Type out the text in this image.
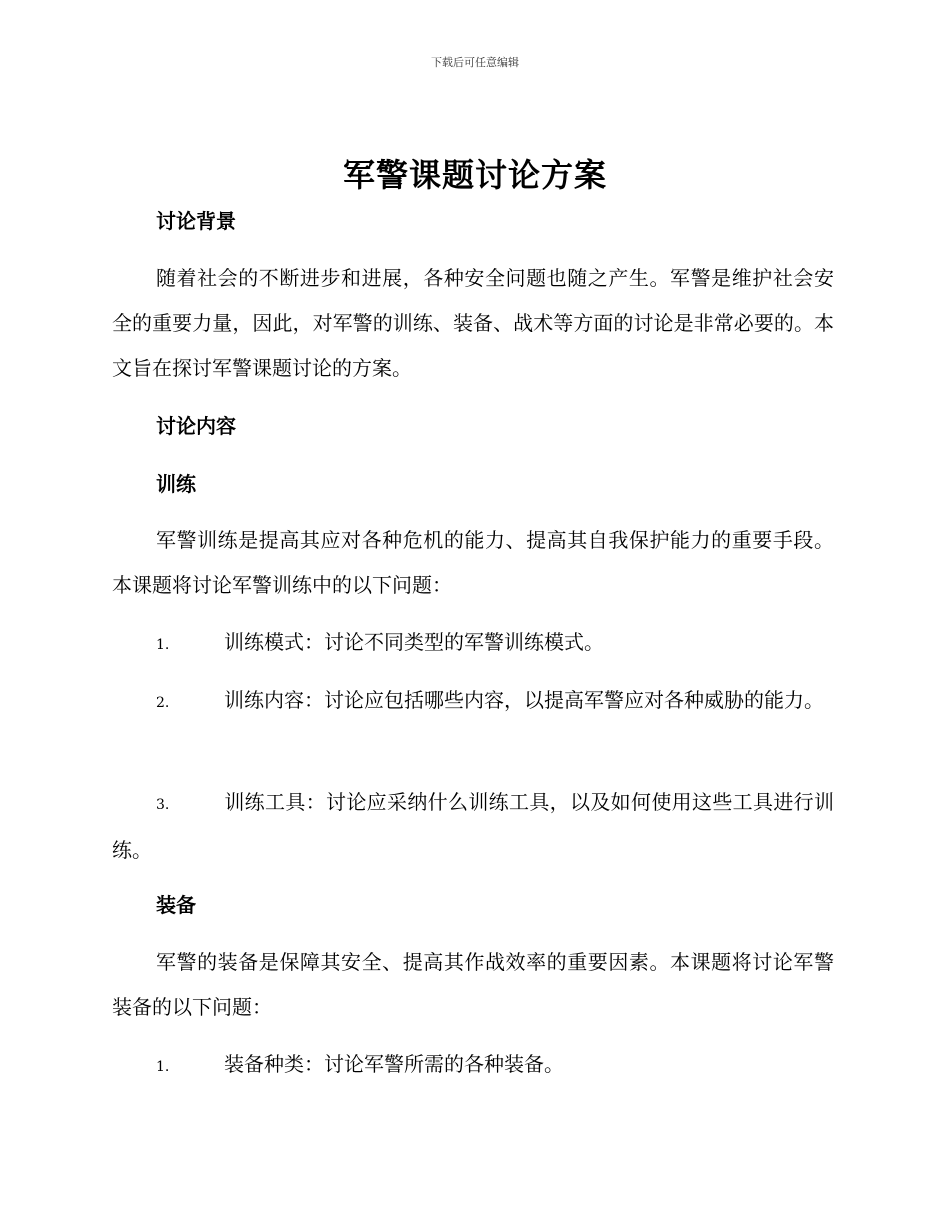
下载后可任意编辑
军警课题讨论方案
讨论背景

随着社会的不断进步和进展，各种安全问题也随之产生。军警是维护社会安全的重要力量，因此，对军警的训练、装备、战术等方面的讨论是非常必要的。本文旨在探讨军警课题讨论的方案。

讨论内容
训练

军警训练是提高其应对各种危机的能力、提高其自我保护能力的重要手段。本课题将讨论军警训练中的以下问题：

1.	训练模式：讨论不同类型的军警训练模式。

2.	训练内容：讨论应包括哪些内容，以提高军警应对各种威胁的能力。

3.	训练工具：讨论应采纳什么训练工具，以及如何使用这些工具进行训练。

装备

军警的装备是保障其安全、提高其作战效率的重要因素。本课题将讨论军警装备的以下问题：

1.	装备种类：讨论军警所需的各种装备。
